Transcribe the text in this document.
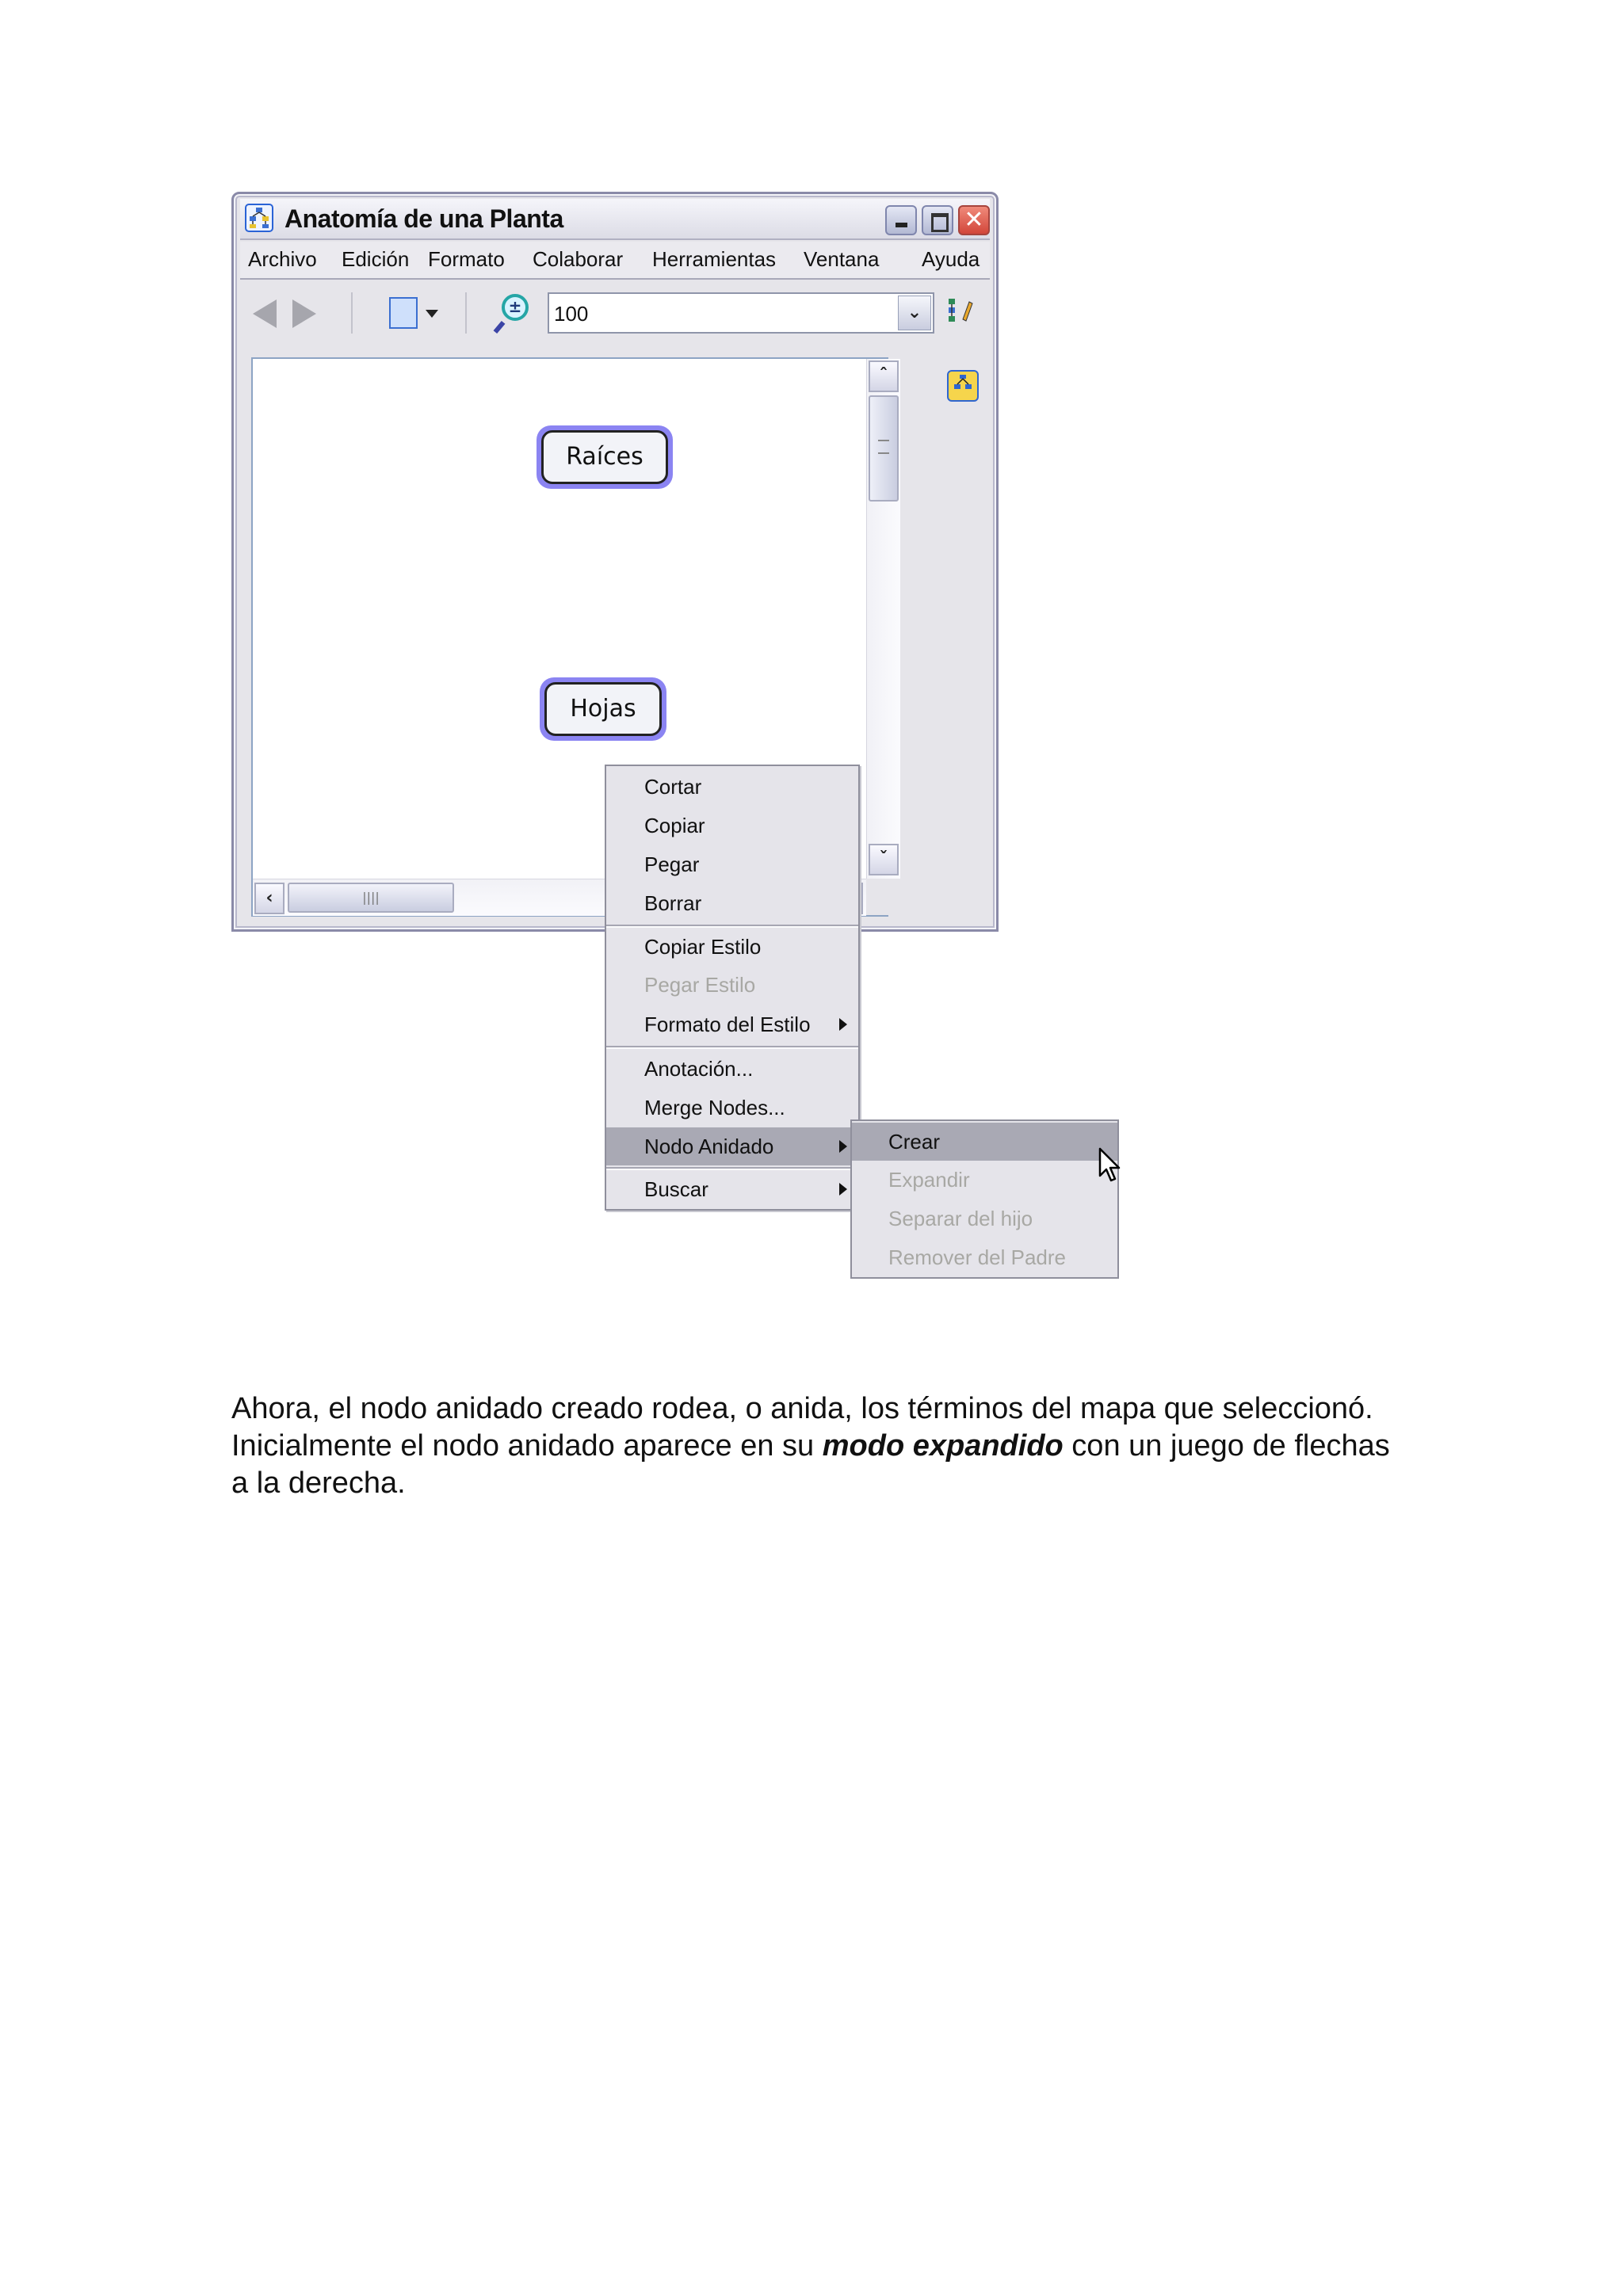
Anatomía de una Planta	✕
Archivo Edición Formato Colaborar Herramientas Ventana Ayuda
±
100	⌄
Raíces
Hojas
ˆ
ˇ
‹	||||
Cortar
Copiar
Pegar
Borrar
Copiar Estilo
Pegar Estilo
Formato del Estilo
Anotación...
Merge Nodes...
Nodo Anidado
Buscar
Crear
Expandir
Separar del hijo
Remover del Padre

Ahora, el nodo anidado creado rodea, o anida, los términos del mapa que seleccionó. Inicialmente el nodo anidado aparece en su modo expandido con un juego de flechas a la derecha.
